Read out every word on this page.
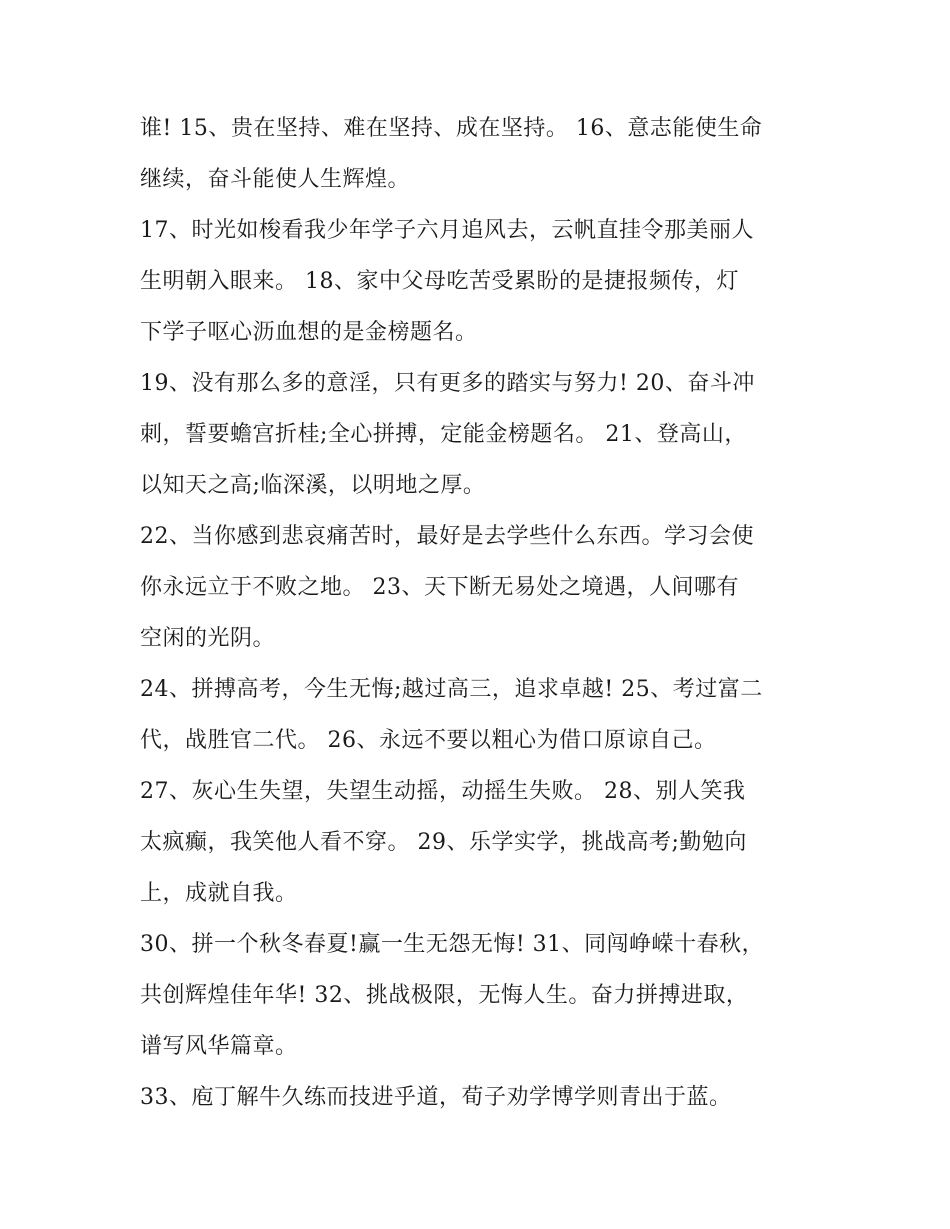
谁! 15、贵在坚持、难在坚持、成在坚持。 16、意志能使生命
继续，奋斗能使人生辉煌。
17、时光如梭看我少年学子六月追风去，云帆直挂令那美丽人
生明朝入眼来。 18、家中父母吃苦受累盼的是捷报频传，灯
下学子呕心沥血想的是金榜题名。
19、没有那么多的意淫，只有更多的踏实与努力! 20、奋斗冲
刺，誓要蟾宫折桂;全心拼搏，定能金榜题名。 21、登高山，
以知天之高;临深溪，以明地之厚。
22、当你感到悲哀痛苦时，最好是去学些什么东西。学习会使
你永远立于不败之地。 23、天下断无易处之境遇，人间哪有
空闲的光阴。
24、拼搏高考，今生无悔;越过高三，追求卓越! 25、考过富二
代，战胜官二代。 26、永远不要以粗心为借口原谅自己。
27、灰心生失望，失望生动摇，动摇生失败。 28、别人笑我
太疯癫，我笑他人看不穿。 29、乐学实学，挑战高考;勤勉向
上，成就自我。
30、拼一个秋冬春夏!赢一生无怨无悔! 31、同闯峥嵘十春秋，
共创辉煌佳年华! 32、挑战极限，无悔人生。奋力拼搏进取，
谱写风华篇章。
33、庖丁解牛久练而技进乎道，荀子劝学博学则青出于蓝。
